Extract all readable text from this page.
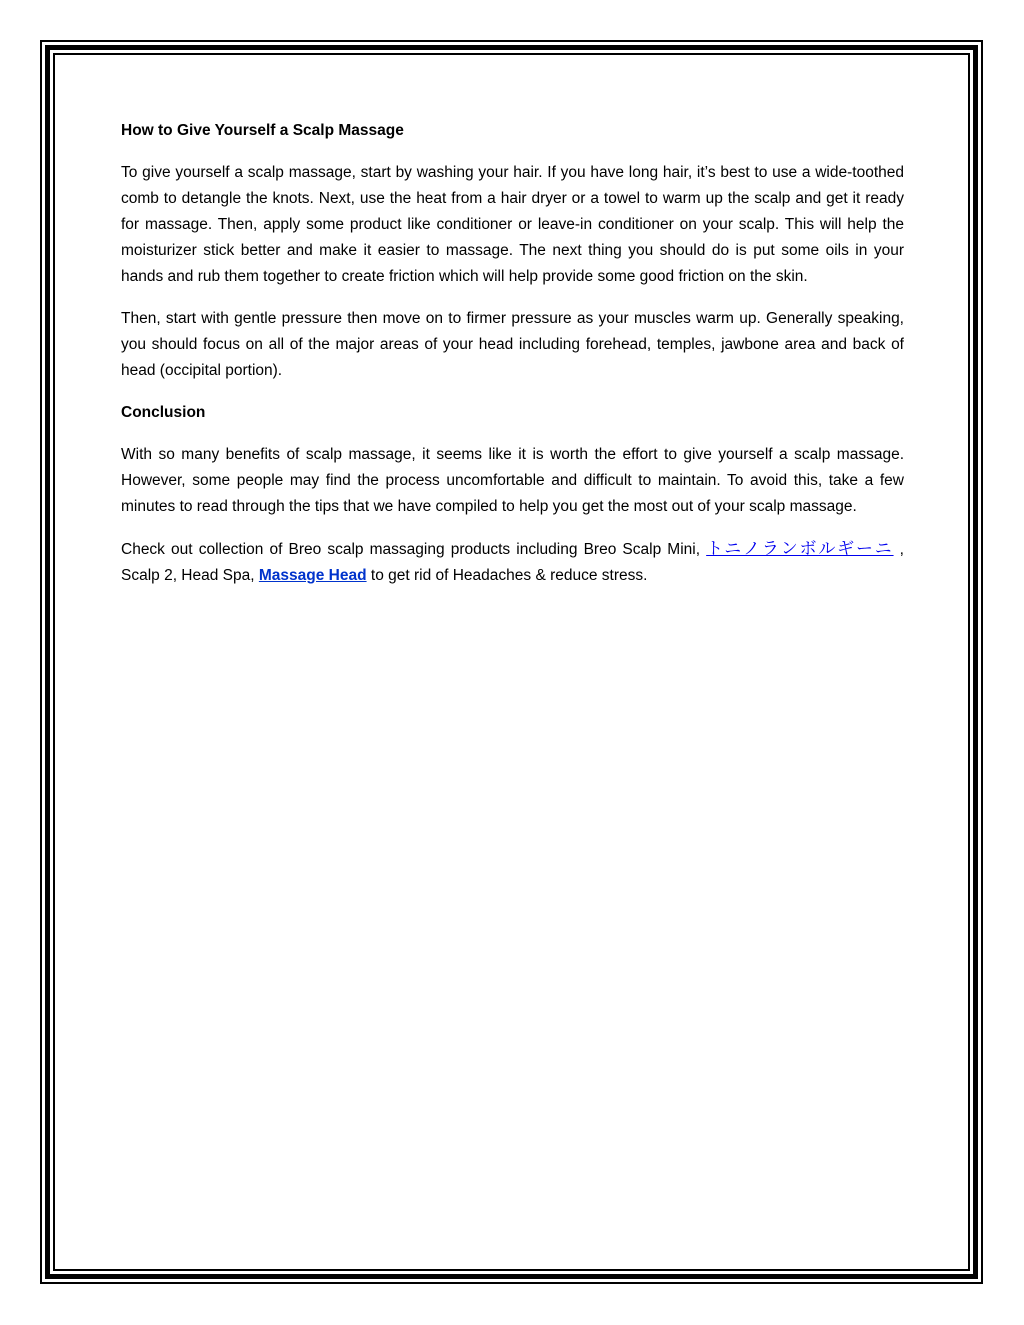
How to Give Yourself a Scalp Massage

To give yourself a scalp massage, start by washing your hair. If you have long hair, it’s best to use a wide-toothed comb to detangle the knots. Next, use the heat from a hair dryer or a towel to warm up the scalp and get it ready for massage. Then, apply some product like conditioner or leave-in conditioner on your scalp. This will help the moisturizer stick better and make it easier to massage. The next thing you should do is put some oils in your hands and rub them together to create friction which will help provide some good friction on the skin.

Then, start with gentle pressure then move on to firmer pressure as your muscles warm up. Generally speaking, you should focus on all of the major areas of your head including forehead, temples, jawbone area and back of head (occipital portion).

Conclusion

With so many benefits of scalp massage, it seems like it is worth the effort to give yourself a scalp massage. However, some people may find the process uncomfortable and difficult to maintain. To avoid this, take a few minutes to read through the tips that we have compiled to help you get the most out of your scalp massage.

Check out collection of Breo scalp massaging products including Breo Scalp Mini, トニノランボルギーニ , Scalp 2, Head Spa, Massage Head to get rid of Headaches & reduce stress.
